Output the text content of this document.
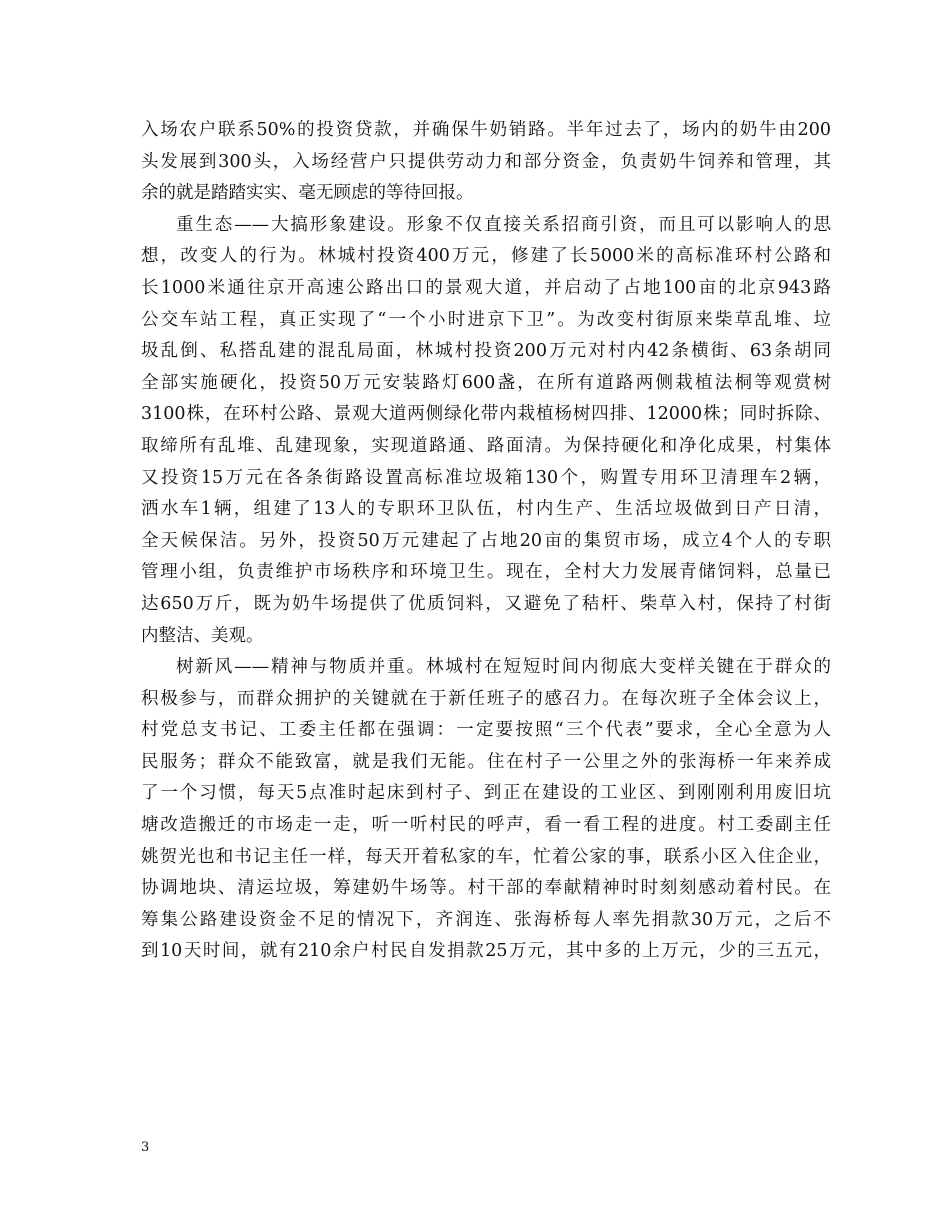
入场农户联系50%的投资贷款，并确保牛奶销路。半年过去了，场内的奶牛由200
头发展到300头，入场经营户只提供劳动力和部分资金，负责奶牛饲养和管理，其
余的就是踏踏实实、毫无顾虑的等待回报。
重生态——大搞形象建设。形象不仅直接关系招商引资，而且可以影响人的思
想，改变人的行为。林城村投资400万元，修建了长5000米的高标准环村公路和
长1000米通往京开高速公路出口的景观大道，并启动了占地100亩的北京943路
公交车站工程，真正实现了“一个小时进京下卫”。为改变村街原来柴草乱堆、垃
圾乱倒、私搭乱建的混乱局面，林城村投资200万元对村内42条横街、63条胡同
全部实施硬化，投资50万元安装路灯600盏，在所有道路两侧栽植法桐等观赏树
3100株，在环村公路、景观大道两侧绿化带内栽植杨树四排、12000株；同时拆除、
取缔所有乱堆、乱建现象，实现道路通、路面清。为保持硬化和净化成果，村集体
又投资15万元在各条街路设置高标准垃圾箱130个，购置专用环卫清理车2辆，
洒水车1辆，组建了13人的专职环卫队伍，村内生产、生活垃圾做到日产日清，
全天候保洁。另外，投资50万元建起了占地20亩的集贸市场，成立4个人的专职
管理小组，负责维护市场秩序和环境卫生。现在，全村大力发展青储饲料，总量已
达650万斤，既为奶牛场提供了优质饲料，又避免了秸杆、柴草入村，保持了村街
内整洁、美观。
树新风——精神与物质并重。林城村在短短时间内彻底大变样关键在于群众的
积极参与，而群众拥护的关键就在于新任班子的感召力。在每次班子全体会议上，
村党总支书记、工委主任都在强调：一定要按照“三个代表”要求，全心全意为人
民服务；群众不能致富，就是我们无能。住在村子一公里之外的张海桥一年来养成
了一个习惯，每天5点准时起床到村子、到正在建设的工业区、到刚刚利用废旧坑
塘改造搬迁的市场走一走，听一听村民的呼声，看一看工程的进度。村工委副主任
姚贺光也和书记主任一样，每天开着私家的车，忙着公家的事，联系小区入住企业，
协调地块、清运垃圾，筹建奶牛场等。村干部的奉献精神时时刻刻感动着村民。在
筹集公路建设资金不足的情况下，齐润连、张海桥每人率先捐款30万元，之后不
到10天时间，就有210余户村民自发捐款25万元，其中多的上万元，少的三五元，
3
